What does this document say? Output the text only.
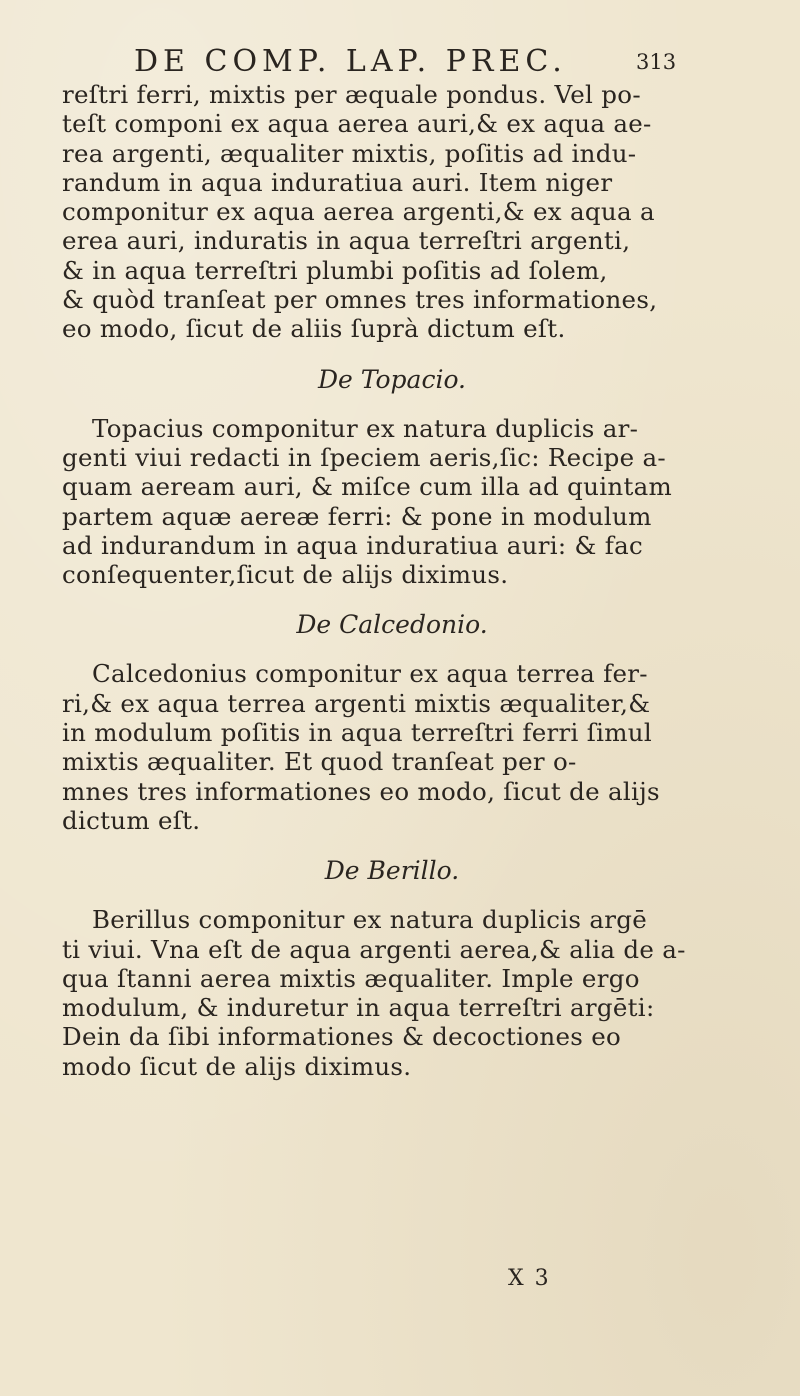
DE COMP. LAP. PREC.	313
reſtri ferri, mixtis per æquale pondus. Vel po-
teſt componi ex aqua aerea auri,& ex aqua ae-
rea argenti, æqualiter mixtis, poſitis ad indu-
randum in aqua induratiua auri. Item niger
componitur ex aqua aerea argenti,& ex aqua a
erea auri, induratis in aqua terreſtri argenti,
& in aqua terreſtri plumbi poſitis ad ſolem,
& quòd tranſeat per omnes tres informationes,
eo modo, ſicut de aliis ſuprà dictum eſt.
De Topacio.
Topacius componitur ex natura duplicis ar-
genti viui redacti in ſpeciem aeris,ſic: Recipe a-
quam aeream auri, & miſce cum illa ad quintam
partem aquæ aereæ ferri: & pone in modulum
ad indurandum in aqua induratiua auri: & fac
conſequenter,ſicut de aliјs diximus.
De Calcedonio.
Calcedonius componitur ex aqua terrea fer-
ri,& ex aqua terrea argenti mixtis æqualiter,&
in modulum poſitis in aqua terreſtri ferri ſimul
mixtis æqualiter. Et quod tranſeat per o-
mnes tres informationes eo modo, ſicut de aliјs
dictum eſt.
De Berillo.
Berillus componitur ex natura duplicis argē
ti viui. Vna eſt de aqua argenti aerea,& alia de a-
qua ſtanni aerea mixtis æqualiter. Imple ergo
modulum, & induretur in aqua terreſtri argēti:
Dein da ſibi informationes & decoctiones eo
modo ſicut de aliјs diximus.
X 3
